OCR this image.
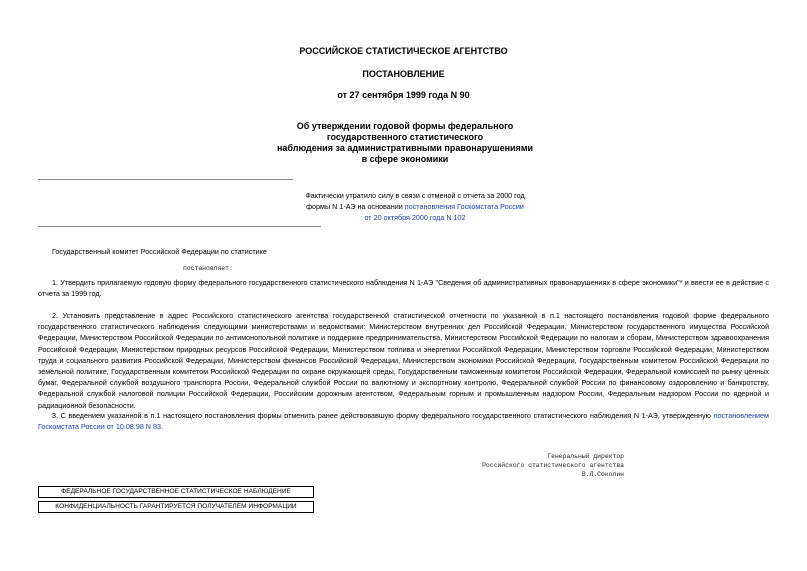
РОССИЙСКОЕ СТАТИСТИЧЕСКОЕ АГЕНТСТВО
ПОСТАНОВЛЕНИЕ
от 27 сентября 1999 года N 90
Об утверждении годовой формы федерального
государственного статистического
наблюдения за административными правонарушениями
в сфере экономики
Фактически утратило силу в связи с отменой с отчета за 2000 год
формы N 1-АЭ на основании постановления Госкомстата России
от 20 октября 2000 года N 102
Государственный комитет Российской Федерации по статистике
постановляет:
1. Утвердить прилагаемую годовую форму федерального государственного статистического наблюдения N 1-АЭ "Сведения об административных правонарушениях в сфере экономики"* и ввести ее в действие с отчета за 1999 год.
2. Установить представление в адрес Российского статистического агентства государственной статистической отчетности по указанной в п.1 настоящего постановления годовой форме федерального государственного статистического наблюдения следующими министерствами и ведомствами: Министерством внутренних дел Российской Федерации, Министерством государственного имущества Российской Федерации, Министерством Российской Федерации по антимонопольной политике и поддержке предпринимательства, Министерством Российской Федерации по налогам и сборам, Министерством здравоохранения Российской Федерации, Министерством природных ресурсов Российской Федерации, Министерством топлива и энергетики Российской Федерации, Министерством торговли Российской Федерации, Министерством труда и социального развития Российской Федерации, Министерством финансов Российской Федерации, Министерством экономики Российской Федерации, Государственным комитетом Российской Федерации по земельной политике, Государственным комитетом Российской Федерации по охране окружающей среды, Государственным таможенным комитетом Российской Федерации, Федеральной комиссией по рынку ценных бумаг, Федеральной службой воздушного транспорта России, Федеральной службой России по валютному и экспортному контролю, Федеральной службой России по финансовому оздоровлению и банкротству, Федеральной службой налоговой полиции Российской Федерации, Российским дорожным агентством, Федеральным горным и промышленным надзором России, Федеральным надзором России по ядерной и радиационной безопасности.
3. С введением указанной в п.1 настоящего постановления формы отменить ранее действовавшую форму федерального государственного статистического наблюдения N 1-АЭ, утвержденную постановлением Госкомстата России от 10.08.98 N 83.
Генеральный директор
Российского статистического агентства
В.Л.Соколин
ФЕДЕРАЛЬНОЕ ГОСУДАРСТВЕННОЕ СТАТИСТИЧЕСКОЕ НАБЛЮДЕНИЕ
КОНФИДЕНЦИАЛЬНОСТЬ ГАРАНТИРУЕТСЯ ПОЛУЧАТЕЛЕМ ИНФОРМАЦИИ
